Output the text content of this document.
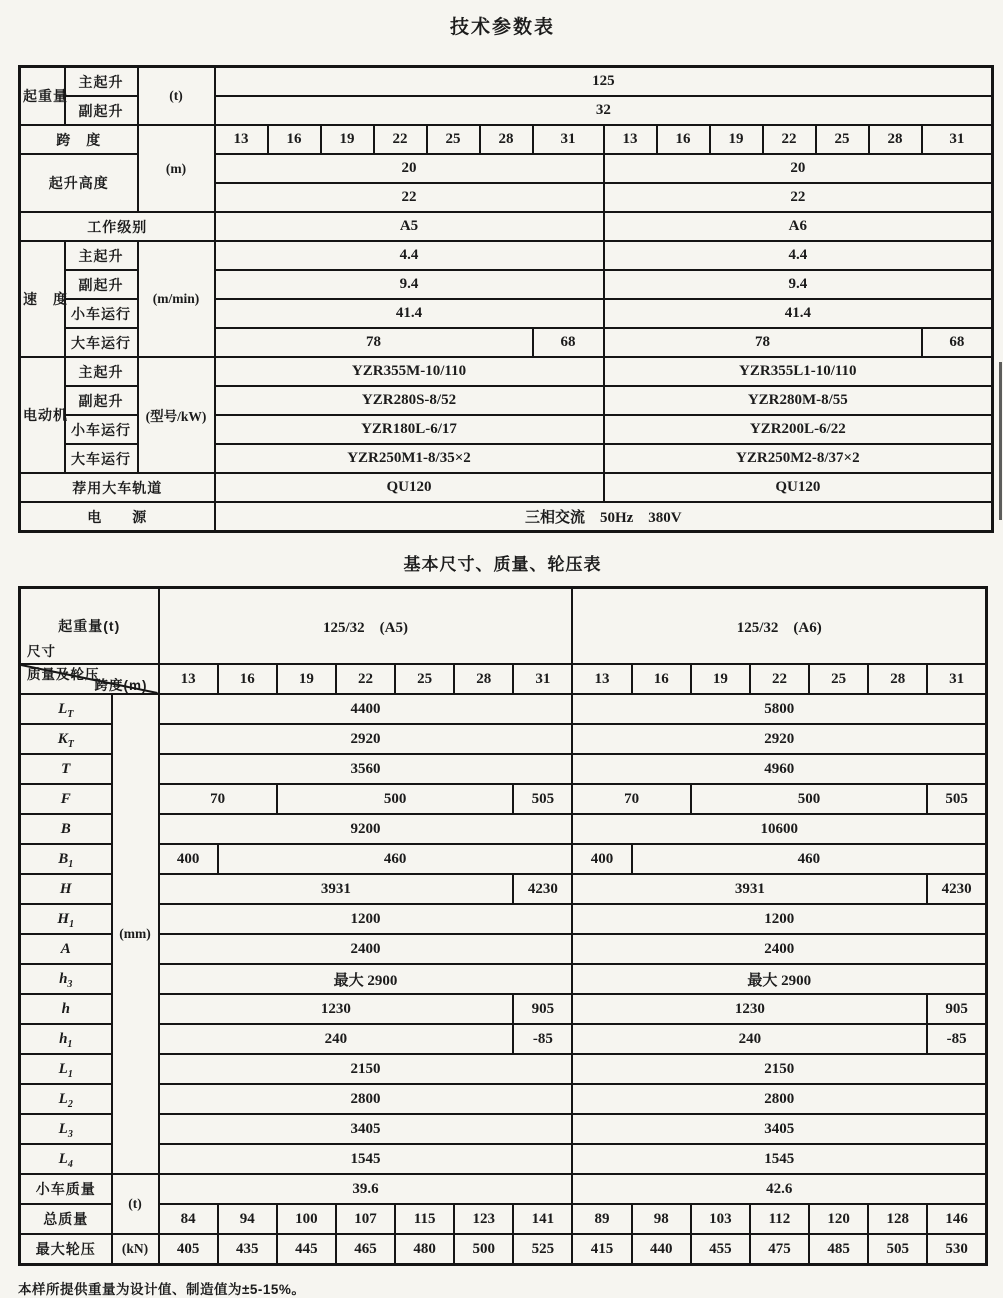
技术参数表
起重量	主起升	(t)	125													
	副起升		32													
跨　度		(m)	13	16	19	22	25	28	31	13	16	19	22	25	28	31
起升高度			20							20						
			22							22						
工作级别			A5							A6						
速　度	主起升	(m/min)	4.4							4.4						
	副起升		9.4							9.4						
	小车运行		41.4							41.4						
	大车运行		78						68	78						68
电动机	主起升	(型号/kW)	YZR355M-10/110							YZR355L1-10/110						
	副起升		YZR280S-8/52							YZR280M-8/55						
	小车运行		YZR180L-6/17							YZR200L-6/22						
	大车运行		YZR250M1-8/35×2							YZR250M2-8/37×2						
荐用大车轨道			QU120							QU120						
电　　源			三相交流　50Hz　380V													
基本尺寸、质量、轮压表
起重量(t)		125/32　(A5)							125/32　(A6)						

跨度(m)
尺寸
质量及轮压		13	16	19	22	25	28	31	13	16	19	22	25	28	31
$L_T$	(mm)	4400							5800						
$K_T$		2920							2920						
T		3560							4960						
F		70		500				505	70		500				505
B		9200							10600						
$B_1$		400	460						400	460					
H		3931						4230	3931						4230
$H_1$		1200							1200						
A		2400							2400						
$h_3$		最大 2900							最大 2900						
h		1230						905	1230						905
$h_1$		240						-85	240						-85
$L_1$		2150							2150						
$L_2$		2800							2800						
$L_3$		3405							3405						
$L_4$		1545							1545						
小车质量	(t)	39.6							42.6						
总质量		84	94	100	107	115	123	141	89	98	103	112	120	128	146
最大轮压	(kN)	405	435	445	465	480	500	525	415	440	455	475	485	505	530

本样所提供重量为设计值、制造值为±5-15%。
